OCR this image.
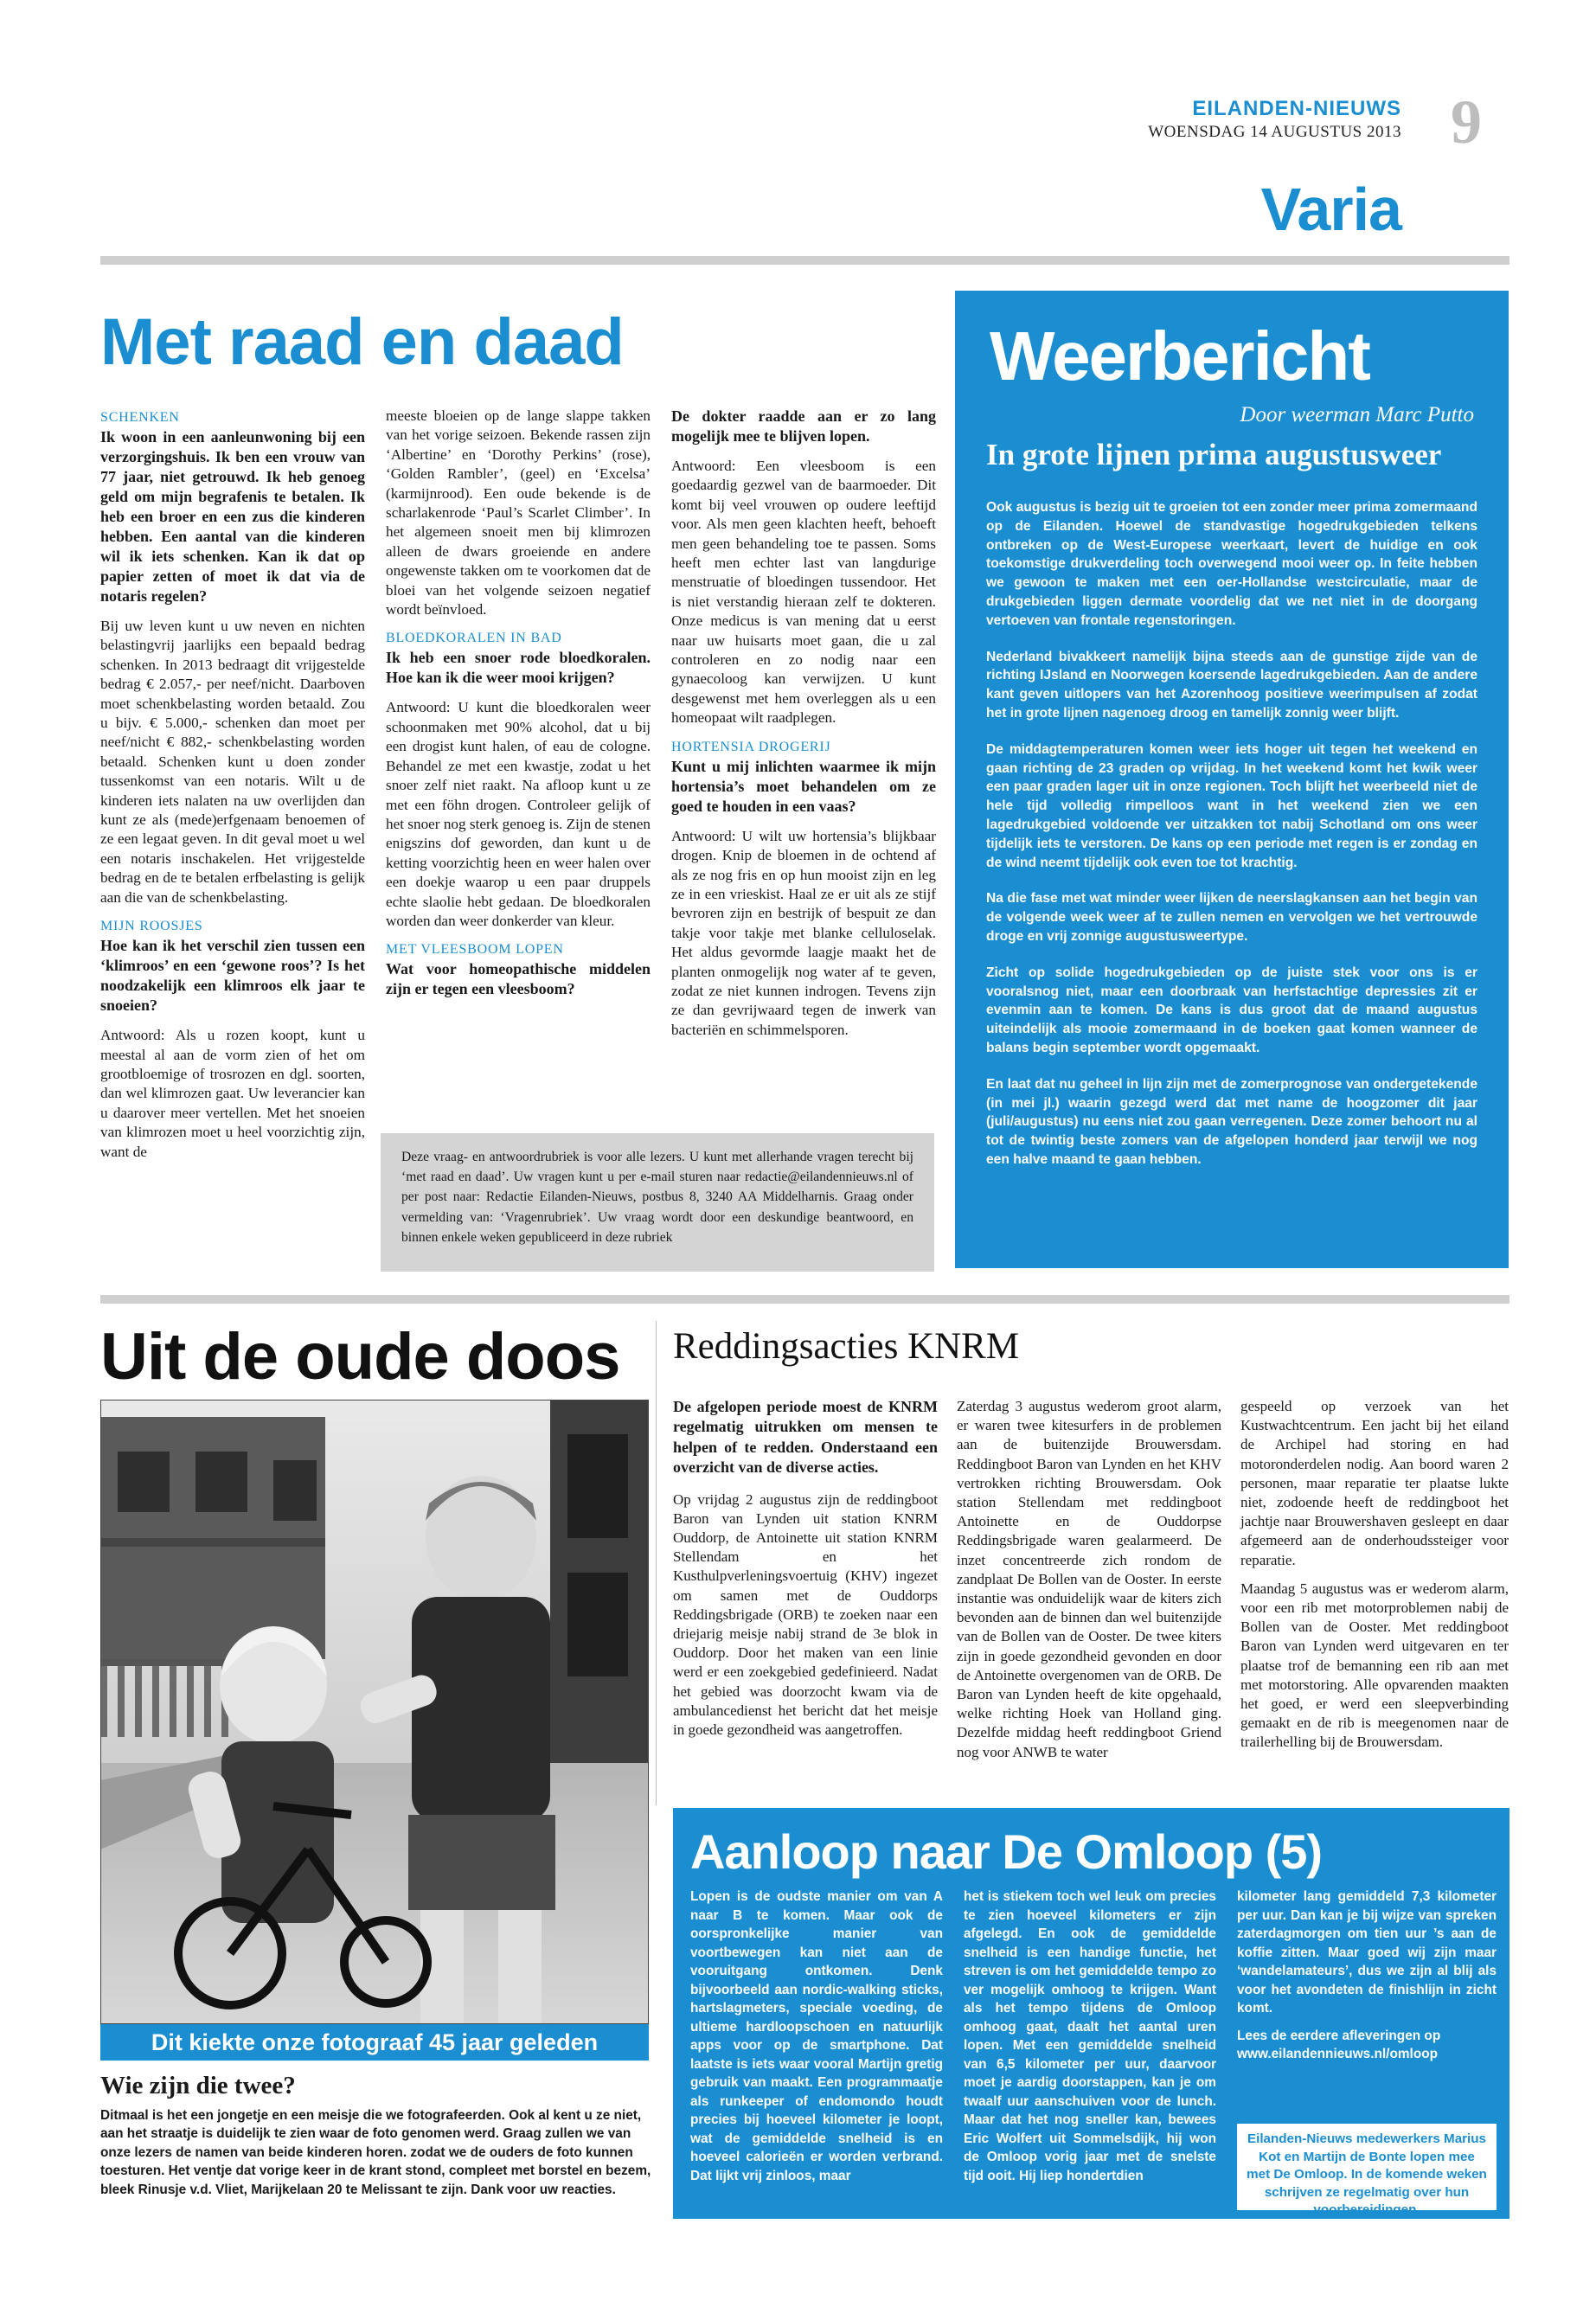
EILANDEN-NIEUWS
WOENSDAG 14 AUGUSTUS 2013 9
Varia
Met raad en daad
SCHENKEN
Ik woon in een aanleunwoning bij een verzorgingshuis. Ik ben een vrouw van 77 jaar, niet getrouwd. Ik heb genoeg geld om mijn begrafenis te betalen. Ik heb een broer en een zus die kinderen hebben. Een aantal van die kinderen wil ik iets schenken. Kan ik dat op papier zetten of moet ik dat via de notaris regelen?

Bij uw leven kunt u uw neven en nichten belastingvrij jaarlijks een bepaald bedrag schenken. In 2013 bedraagt dit vrijgestelde bedrag € 2.057,- per neef/nicht. Daarboven moet schenkbelasting worden betaald. Zou u bijv. € 5.000,- schenken dan moet per neef/nicht € 882,- schenkbelasting worden betaald. Schenken kunt u doen zonder tussenkomst van een notaris. Wilt u de kinderen iets nalaten na uw overlijden dan kunt ze als (mede)erfgenaam benoemen of ze een legaat geven. In dit geval moet u wel een notaris inschakelen. Het vrijgestelde bedrag en de te betalen erfbelasting is gelijk aan die van de schenkbelasting.

MIJN ROOSJES
Hoe kan ik het verschil zien tussen een ‘klimroos’ en een ‘gewone roos’? Is het noodzakelijk een klimroos elk jaar te snoeien?

Antwoord: Als u rozen koopt, kunt u meestal al aan de vorm zien of het om grootbloemige of trosrozen en dgl. soorten, dan wel klimrozen gaat. Uw leverancier kan u daarover meer vertellen. Met het snoeien van klimrozen moet u heel voorzichtig zijn, want de

meeste bloeien op de lange slappe takken van het vorige seizoen. Bekende rassen zijn ‘Albertine’ en ‘Dorothy Perkins’ (rose), ‘Golden Rambler’, (geel) en ‘Excelsa’ (karmijnrood). Een oude bekende is de scharlakenrode ‘Paul’s Scarlet Climber’. In het algemeen snoeit men bij klimrozen alleen de dwars groeiende en andere ongewenste takken om te voorkomen dat de bloei van het volgende seizoen negatief wordt beïnvloed.

BLOEDKORALEN IN BAD
Ik heb een snoer rode bloedkoralen. Hoe kan ik die weer mooi krijgen?

Antwoord: U kunt die bloedkoralen weer schoonmaken met 90% alcohol, dat u bij een drogist kunt halen, of eau de cologne. Behandel ze met een kwastje, zodat u het snoer zelf niet raakt. Na afloop kunt u ze met een föhn drogen. Controleer gelijk of het snoer nog sterk genoeg is. Zijn de stenen enigszins dof geworden, dan kunt u de ketting voorzichtig heen en weer halen over een doekje waarop u een paar druppels echte slaolie hebt gedaan. De bloedkoralen worden dan weer donkerder van kleur.

MET VLEESBOOM LOPEN
Wat voor homeopathische middelen zijn er tegen een vleesboom?
De dokter raadde aan er zo lang mogelijk mee te blijven lopen.

Antwoord: Een vleesboom is een goedaardig gezwel van de baarmoeder. Dit komt bij veel vrouwen op oudere leeftijd voor. Als men geen klachten heeft, behoeft men geen behandeling toe te passen. Soms heeft men echter last van langdurige menstruatie of bloedingen tussendoor. Het is niet verstandig hieraan zelf te dokteren. Onze medicus is van mening dat u eerst naar uw huisarts moet gaan, die u zal controleren en zo nodig naar een gynaecoloog kan verwijzen. U kunt desgewenst met hem overleggen als u een homeopaat wilt raadplegen.

HORTENSIA DROGERIJ
Kunt u mij inlichten waarmee ik mijn hortensia’s moet behandelen om ze goed te houden in een vaas?

Antwoord: U wilt uw hortensia’s blijkbaar drogen. Knip de bloemen in de ochtend af als ze nog fris en op hun mooist zijn en leg ze in een vrieskist. Haal ze er uit als ze stijf bevroren zijn en bestrijk of bespuit ze dan takje voor takje met blanke celluloselak. Het aldus gevormde laagje maakt het de planten onmogelijk nog water af te geven, zodat ze niet kunnen indrogen. Tevens zijn ze dan gevrijwaard tegen de inwerk van bacteriën en schimmelsporen.

Deze vraag- en antwoordrubriek is voor alle lezers. U kunt met allerhande vragen terecht bij ‘met raad en daad’. Uw vragen kunt u per e-mail sturen naar redactie@eilandennieuws.nl of per post naar: Redactie Eilanden-Nieuws, postbus 8, 3240 AA Middelharnis. Graag onder vermelding van: ‘Vragenrubriek’. Uw vraag wordt door een deskundige beantwoord, en binnen enkele weken gepubliceerd in deze rubriek
Weerbericht
Door weerman Marc Putto
In grote lijnen prima augustusweer

Ook augustus is bezig uit te groeien tot een zonder meer prima zomermaand op de Eilanden. Hoewel de standvastige hogedrukgebieden telkens ontbreken op de West-Europese weerkaart, levert de huidige en ook toekomstige drukverdeling toch overwegend mooi weer op. In feite hebben we gewoon te maken met een oer-Hollandse westcirculatie, maar de drukgebieden liggen dermate voordelig dat we net niet in de doorgang vertoeven van frontale regenstoringen.

Nederland bivakkeert namelijk bijna steeds aan de gunstige zijde van de richting IJsland en Noorwegen koersende lagedrukgebieden. Aan de andere kant geven uitlopers van het Azorenhoog positieve weerimpulsen af zodat het in grote lijnen nagenoeg droog en tamelijk zonnig weer blijft.

De middagtemperaturen komen weer iets hoger uit tegen het weekend en gaan richting de 23 graden op vrijdag. In het weekend komt het kwik weer een paar graden lager uit in onze regionen. Toch blijft het weerbeeld niet de hele tijd volledig rimpelloos want in het weekend zien we een lagedrukgebied voldoende ver uitzakken tot nabij Schotland om ons weer tijdelijk iets te verstoren. De kans op een periode met regen is er zondag en de wind neemt tijdelijk ook even toe tot krachtig.

Na die fase met wat minder weer lijken de neerslagkansen aan het begin van de volgende week weer af te zullen nemen en vervolgen we het vertrouwde droge en vrij zonnige augustusweertype.

Zicht op solide hogedrukgebieden op de juiste stek voor ons is er vooralsnog niet, maar een doorbraak van herfstachtige depressies zit er evenmin aan te komen. De kans is dus groot dat de maand augustus uiteindelijk als mooie zomermaand in de boeken gaat komen wanneer de balans begin september wordt opgemaakt.

En laat dat nu geheel in lijn zijn met de zomerprognose van ondergetekende (in mei jl.) waarin gezegd werd dat met name de hoogzomer dit jaar (juli/augustus) nu eens niet zou gaan verregenen. Deze zomer behoort nu al tot de twintig beste zomers van de afgelopen honderd jaar terwijl we nog een halve maand te gaan hebben.

Uit de oude doos
Dit kiekte onze fotograaf 45 jaar geleden
Wie zijn die twee?
Ditmaal is het een jongetje en een meisje die we fotografeerden. Ook al kent u ze niet, aan het straatje is duidelijk te zien waar de foto genomen werd. Graag zullen we van onze lezers de namen van beide kinderen horen. zodat we de ouders de foto kunnen toesturen. Het ventje dat vorige keer in de krant stond, compleet met borstel en bezem, bleek Rinusje v.d. Vliet, Marijkelaan 20 te Melissant te zijn. Dank voor uw reacties.
Reddingsacties KNRM
De afgelopen periode moest de KNRM regelmatig uitrukken om mensen te helpen of te redden. Onderstaand een overzicht van de diverse acties.

Op vrijdag 2 augustus zijn de reddingboot Baron van Lynden uit station KNRM Ouddorp, de Antoinette uit station KNRM Stellendam en het Kusthulpverleningsvoertuig (KHV) ingezet om samen met de Ouddorps Reddingsbrigade (ORB) te zoeken naar een driejarig meisje nabij strand de 3e blok in Ouddorp. Door het maken van een linie werd er een zoekgebied gedefinieerd. Nadat het gebied was doorzocht kwam via de ambulancedienst het bericht dat het meisje in goede gezondheid was aangetroffen.

Zaterdag 3 augustus wederom groot alarm, er waren twee kitesurfers in de problemen aan de buitenzijde Brouwersdam. Reddingboot Baron van Lynden en het KHV vertrokken richting Brouwersdam. Ook station Stellendam met reddingboot Antoinette en de Ouddorpse Reddingsbrigade waren gealarmeerd. De inzet concentreerde zich rondom de zandplaat De Bollen van de Ooster. In eerste instantie was onduidelijk waar de kiters zich bevonden aan de binnen dan wel buitenzijde van de Bollen van de Ooster. De twee kiters zijn in goede gezondheid gevonden en door de Antoinette overgenomen van de ORB. De Baron van Lynden heeft de kite opgehaald, welke richting Hoek van Holland ging. Dezelfde middag heeft reddingboot Griend nog voor ANWB te water

gespeeld op verzoek van het Kustwachtcentrum. Een jacht bij het eiland de Archipel had storing en had motoronderdelen nodig. Aan boord waren 2 personen, maar reparatie ter plaatse lukte niet, zodoende heeft de reddingboot het jachtje naar Brouwershaven gesleept en daar afgemeerd aan de onderhoudssteiger voor reparatie.

Maandag 5 augustus was er wederom alarm, voor een rib met motorproblemen nabij de Bollen van de Ooster. Met reddingboot Baron van Lynden werd uitgevaren en ter plaatse trof de bemanning een rib aan met met motorstoring. Alle opvarenden maakten het goed, er werd een sleepverbinding gemaakt en de rib is meegenomen naar de trailerhelling bij de Brouwersdam.

Aanloop naar De Omloop (5)
Lopen is de oudste manier om van A naar B te komen. Maar ook de oorspronkelijke manier van voortbewegen kan niet aan de vooruitgang ontkomen. Denk bijvoorbeeld aan nordic-walking sticks, hartslagmeters, speciale voeding, de ultieme hardloopschoen en natuurlijk apps voor op de smartphone. Dat laatste is iets waar vooral Martijn gretig gebruik van maakt. Een programmaatje als runkeeper of endomondo houdt precies bij hoeveel kilometer je loopt, wat de gemiddelde snelheid is en hoeveel calorieën er worden verbrand. Dat lijkt vrij zinloos, maar
het is stiekem toch wel leuk om precies te zien hoeveel kilometers er zijn afgelegd. En ook de gemiddelde snelheid is een handige functie, het streven is om het gemiddelde tempo zo ver mogelijk omhoog te krijgen. Want als het tempo tijdens de Omloop omhoog gaat, daalt het aantal uren lopen. Met een gemiddelde snelheid van 6,5 kilometer per uur, daarvoor moet je aardig doorstappen, kan je om twaalf uur aanschuiven voor de lunch. Maar dat het nog sneller kan, bewees Eric Wolfert uit Sommelsdijk, hij won de Omloop vorig jaar met de snelste tijd ooit. Hij liep hondertdien
kilometer lang gemiddeld 7,3 kilometer per uur. Dan kan je bij wijze van spreken zaterdagmorgen om tien uur ’s aan de koffie zitten. Maar goed wij zijn maar ‘wandelamateurs’, dus we zijn al blij als voor het avondeten de finishlijn in zicht komt.
Lees de eerdere afleveringen op www.eilandennieuws.nl/omloop
Eilanden-Nieuws medewerkers Marius Kot en Martijn de Bonte lopen mee met De Omloop. In de komende weken schrijven ze regelmatig over hun voorbereidingen.
